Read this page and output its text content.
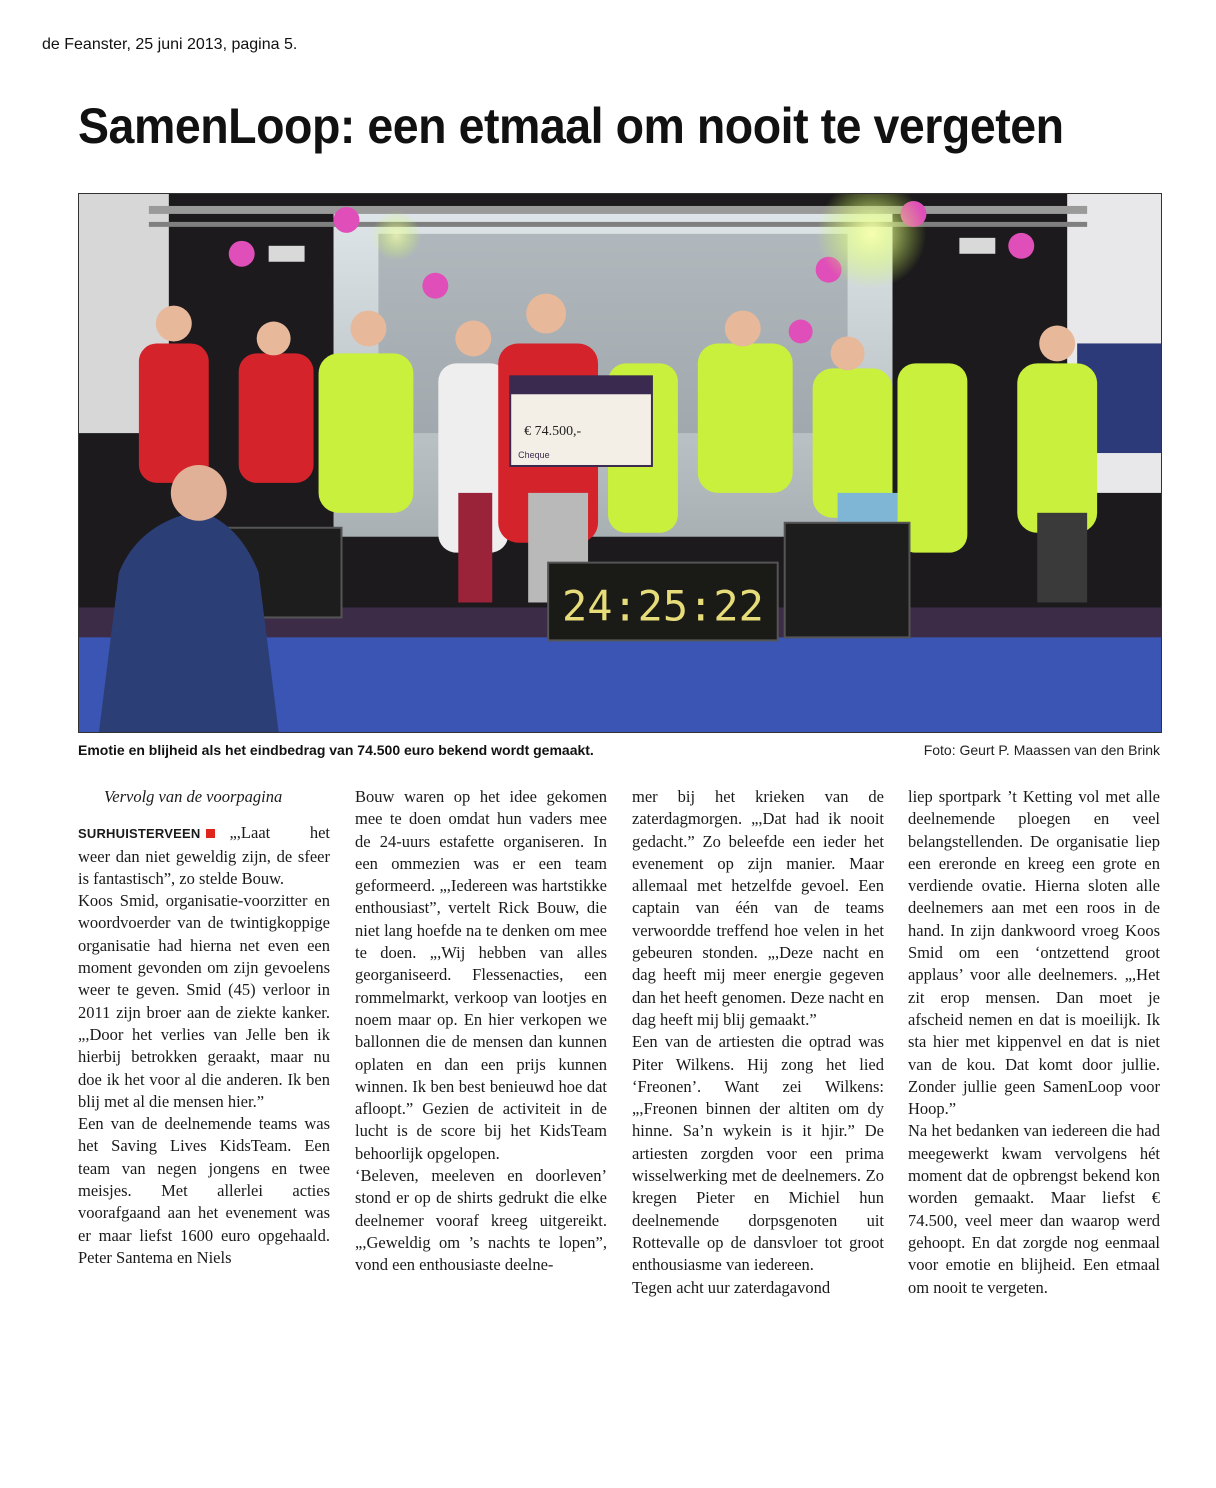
de Feanster, 25 juni 2013, pagina 5.
SamenLoop: een etmaal om nooit te vergeten
€ 74.500,-
Cheque
24:25:22
Emotie en blijheid als het eindbedrag van 74.500 euro bekend wordt gemaakt.	Foto: Geurt P. Maassen van den Brink

Vervolg van de voorpagina

SURHUISTERVEEN „,Laat het weer dan niet geweldig zijn, de sfeer is fantastisch”, zo stelde Bouw.

Koos Smid, organisatie-voorzitter en woordvoerder van de twintigkoppige organisatie had hierna net even een moment gevonden om zijn gevoelens weer te geven. Smid (45) verloor in 2011 zijn broer aan de ziekte kanker. „,Door het verlies van Jelle ben ik hierbij betrokken geraakt, maar nu doe ik het voor al die anderen. Ik ben blij met al die mensen hier.”

Een van de deelnemende teams was het Saving Lives KidsTeam. Een team van negen jongens en twee meisjes. Met allerlei acties voorafgaand aan het evenement was er maar liefst 1600 euro opgehaald. Peter Santema en Niels

Bouw waren op het idee gekomen mee te doen omdat hun vaders mee de 24-uurs estafette organiseren. In een ommezien was er een team geformeerd. „,Iedereen was hartstikke enthousiast”, vertelt Rick Bouw, die niet lang hoefde na te denken om mee te doen. „,Wij hebben van alles georganiseerd. Flessenacties, een rommelmarkt, verkoop van lootjes en noem maar op. En hier verkopen we ballonnen die de mensen dan kunnen oplaten en dan een prijs kunnen winnen. Ik ben best benieuwd hoe dat afloopt.” Gezien de activiteit in de lucht is de score bij het KidsTeam behoorlijk opgelopen.

‘Beleven, meeleven en doorleven’ stond er op de shirts gedrukt die elke deelnemer vooraf kreeg uitgereikt. „,Geweldig om ’s nachts te lopen”, vond een enthousiaste deelne-

mer bij het krieken van de zaterdagmorgen. „,Dat had ik nooit gedacht.” Zo beleefde een ieder het evenement op zijn manier. Maar allemaal met hetzelfde gevoel. Een captain van één van de teams verwoordde treffend hoe velen in het gebeuren stonden. „,Deze nacht en dag heeft mij meer energie gegeven dan het heeft genomen. Deze nacht en dag heeft mij blij gemaakt.”

Een van de artiesten die optrad was Piter Wilkens. Hij zong het lied ‘Freonen’. Want zei Wilkens: „,Freonen binnen der altiten om dy hinne. Sa’n wykein is it hjir.” De artiesten zorgden voor een prima wisselwerking met de deelnemers. Zo kregen Pieter en Michiel hun deelnemende dorpsgenoten uit Rottevalle op de dansvloer tot groot enthousiasme van iedereen.

Tegen acht uur zaterdagavond

liep sportpark ’t Ketting vol met alle deelnemende ploegen en veel belangstellenden. De organisatie liep een ereronde en kreeg een grote en verdiende ovatie. Hierna sloten alle deelnemers aan met een roos in de hand. In zijn dankwoord vroeg Koos Smid om een ‘ontzettend groot applaus’ voor alle deelnemers. „,Het zit erop mensen. Dan moet je afscheid nemen en dat is moeilijk. Ik sta hier met kippenvel en dat is niet van de kou. Dat komt door jullie. Zonder jullie geen SamenLoop voor Hoop.”

Na het bedanken van iedereen die had meegewerkt kwam vervolgens hét moment dat de opbrengst bekend kon worden gemaakt. Maar liefst € 74.500, veel meer dan waarop werd gehoopt. En dat zorgde nog eenmaal voor emotie en blijheid. Een etmaal om nooit te vergeten.
